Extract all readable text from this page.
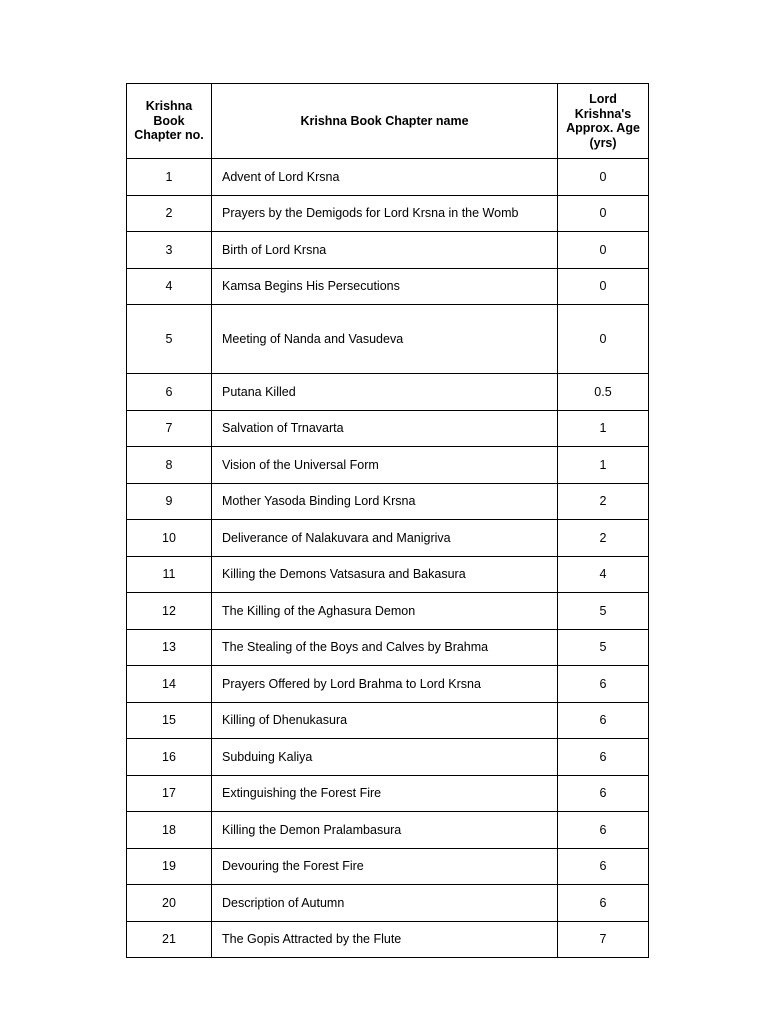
Krishna Book Chapter no.	Krishna Book Chapter name	Lord Krishna's Approx. Age (yrs)
1	Advent of Lord Krsna	0
2	Prayers by the Demigods for Lord Krsna in the Womb	0
3	Birth of Lord Krsna	0
4	Kamsa Begins His Persecutions	0
5	Meeting of Nanda and Vasudeva	0
6	Putana Killed	0.5
7	Salvation of Trnavarta	1
8	Vision of the Universal Form	1
9	Mother Yasoda Binding Lord Krsna	2
10	Deliverance of Nalakuvara and Manigriva	2
11	Killing the Demons Vatsasura and Bakasura	4
12	The Killing of the Aghasura Demon	5
13	The Stealing of the Boys and Calves by Brahma	5
14	Prayers Offered by Lord Brahma to Lord Krsna	6
15	Killing of Dhenukasura	6
16	Subduing Kaliya	6
17	Extinguishing the Forest Fire	6
18	Killing the Demon Pralambasura	6
19	Devouring the Forest Fire	6
20	Description of Autumn	6
21	The Gopis Attracted by the Flute	7
